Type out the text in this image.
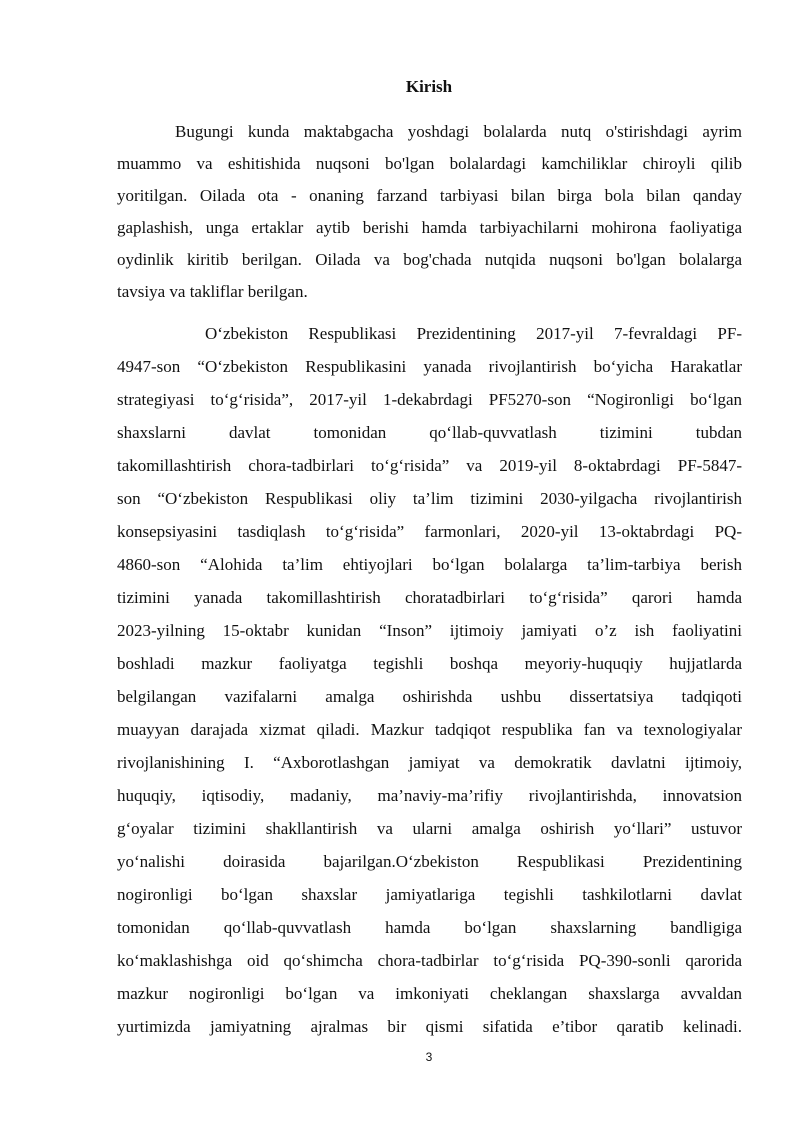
Kirish
Bugungi kunda maktabgacha yoshdagi bolalarda nutq o'stirishdagi ayrim
muammo va eshitishida nuqsoni bo'lgan bolalardagi kamchiliklar chiroyli qilib
yoritilgan. Oilada ota - onaning farzand tarbiyasi bilan birga bola bilan qanday
gaplashish, unga ertaklar aytib berishi hamda tarbiyachilarni mohirona faoliyatiga
oydinlik kiritib berilgan. Oilada va bog'chada nutqida nuqsoni bo'lgan bolalarga
tavsiya va takliflar berilgan.
O‘zbekiston Respublikasi Prezidentining 2017-yil 7-fevraldagi PF-
4947-son “O‘zbekiston Respublikasini yanada rivojlantirish bo‘yicha Harakatlar
strategiyasi to‘g‘risida”, 2017-yil 1-dekabrdagi PF5270-son “Nogironligi bo‘lgan
shaxslarni davlat tomonidan qo‘llab-quvvatlash tizimini tubdan
takomillashtirish chora-tadbirlari to‘g‘risida” va 2019-yil 8-oktabrdagi PF-5847-
son “O‘zbekiston Respublikasi oliy ta’lim tizimini 2030-yilgacha rivojlantirish
konsepsiyasini tasdiqlash to‘g‘risida” farmonlari, 2020-yil 13-oktabrdagi PQ-
4860-son “Alohida ta’lim ehtiyojlari bo‘lgan bolalarga ta’lim-tarbiya berish
tizimini yanada takomillashtirish choratadbirlari to‘g‘risida” qarori hamda
2023-yilning 15-oktabr kunidan “Inson” ijtimoiy jamiyati o’z ish faoliyatini
boshladi mazkur faoliyatga tegishli boshqa meyoriy-huquqiy hujjatlarda
belgilangan vazifalarni amalga oshirishda ushbu dissertatsiya tadqiqoti
muayyan darajada xizmat qiladi. Mazkur tadqiqot respublika fan va texnologiyalar
rivojlanishining I. “Axborotlashgan jamiyat va demokratik davlatni ijtimoiy,
huquqiy, iqtisodiy, madaniy, ma’naviy-ma’rifiy rivojlantirishda, innovatsion
g‘oyalar tizimini shakllantirish va ularni amalga oshirish yo‘llari” ustuvor
yo‘nalishi doirasida bajarilgan.O‘zbekiston Respublikasi Prezidentining
nogironligi bo‘lgan shaxslar jamiyatlariga tegishli tashkilotlarni davlat
tomonidan qo‘llab-quvvatlash hamda bo‘lgan shaxslarning bandligiga
ko‘maklashishga oid qo‘shimcha chora-tadbirlar to‘g‘risida PQ-390-sonli qarorida
mazkur nogironligi bo‘lgan va imkoniyati cheklangan shaxslarga avvaldan
yurtimizda jamiyatning ajralmas bir qismi sifatida e’tibor qaratib kelinadi.
3
